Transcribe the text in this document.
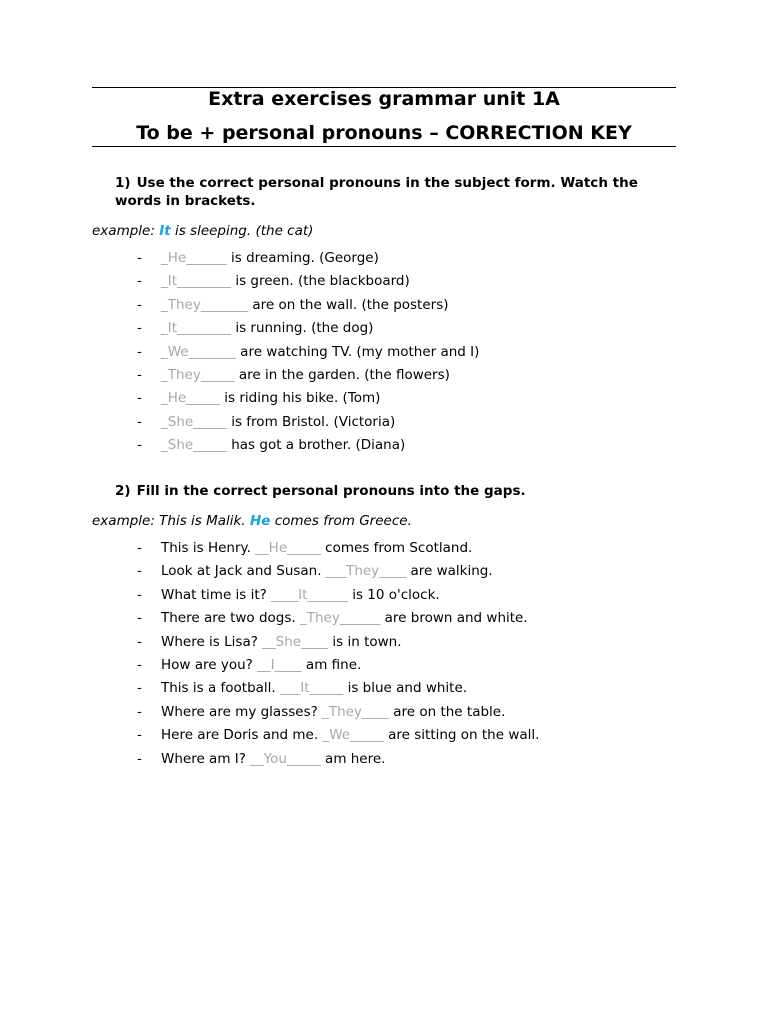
Extra exercises grammar unit 1A
To be + personal pronouns – CORRECTION KEY
1) Use the correct personal pronouns in the subject form. Watch the words in brackets.
example: It is sleeping. (the cat)
- _He______ is dreaming. (George)
- _It________ is green. (the blackboard)
- _They_______ are on the wall. (the posters)
- _It________ is running. (the dog)
- _We_______ are watching TV. (my mother and I)
- _They_____ are in the garden. (the flowers)
- _He_____ is riding his bike. (Tom)
- _She_____ is from Bristol. (Victoria)
- _She_____ has got a brother. (Diana)
2) Fill in the correct personal pronouns into the gaps.
example: This is Malik. He comes from Greece.
- This is Henry. __He_____ comes from Scotland.
- Look at Jack and Susan. ___They____ are walking.
- What time is it? ____It______ is 10 o'clock.
- There are two dogs. _They______ are brown and white.
- Where is Lisa? __She____ is in town.
- How are you? __I____ am fine.
- This is a football. ___It_____ is blue and white.
- Where are my glasses? _They____ are on the table.
- Here are Doris and me. _We_____ are sitting on the wall.
- Where am I? __You_____ am here.
